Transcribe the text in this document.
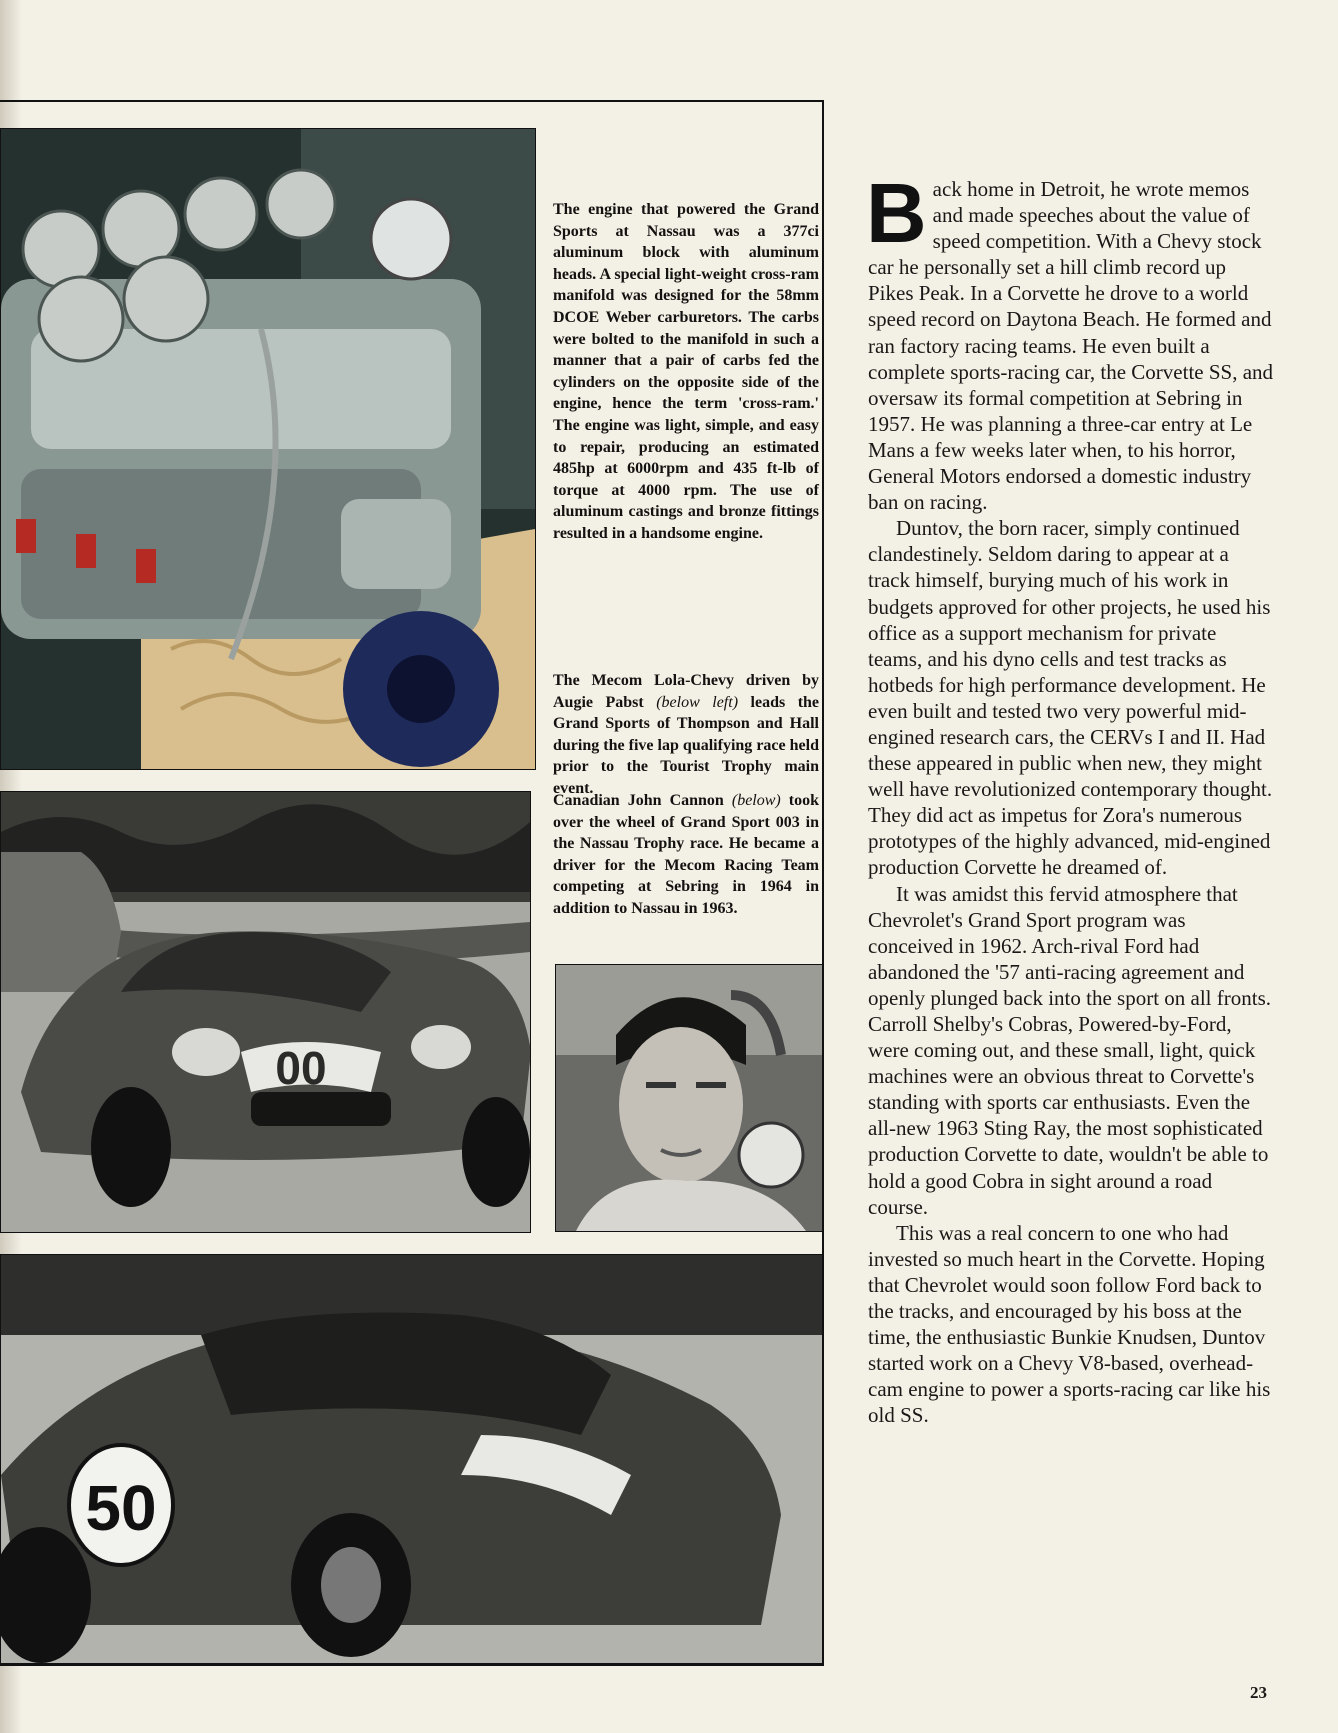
00
50
The engine that powered the Grand Sports at Nassau was a 377ci aluminum block with aluminum heads. A special light-weight cross-ram manifold was designed for the 58mm DCOE Weber carburetors. The carbs were bolted to the manifold in such a manner that a pair of carbs fed the cylinders on the opposite side of the engine, hence the term 'cross-ram.' The engine was light, simple, and easy to repair, producing an estimated 485hp at 6000rpm and 435 ft-lb of torque at 4000 rpm. The use of aluminum castings and bronze fittings resulted in a handsome engine.
The Mecom Lola-Chevy driven by Augie Pabst (below left) leads the Grand Sports of Thompson and Hall during the five lap qualifying race held prior to the Tourist Trophy main event.
Canadian John Cannon (below) took over the wheel of Grand Sport 003 in the Nassau Trophy race. He became a driver for the Mecom Racing Team competing at Sebring in 1964 in addition to Nassau in 1963.

Back home in Detroit, he wrote memos and made speeches about the value of speed competition. With a Chevy stock car he personally set a hill climb record up Pikes Peak. In a Corvette he drove to a world speed record on Daytona Beach. He formed and ran factory racing teams. He even built a complete sports-racing car, the Corvette SS, and oversaw its formal competition at Sebring in 1957. He was planning a three-car entry at Le Mans a few weeks later when, to his horror, General Motors endorsed a domestic industry ban on racing.

Duntov, the born racer, simply continued clandestinely. Seldom daring to appear at a track himself, burying much of his work in budgets approved for other projects, he used his office as a support mechanism for private teams, and his dyno cells and test tracks as hotbeds for high performance development. He even built and tested two very powerful mid-engined research cars, the CERVs I and II. Had these appeared in public when new, they might well have revolutionized contemporary thought. They did act as impetus for Zora's numerous prototypes of the highly advanced, mid-engined production Corvette he dreamed of.

It was amidst this fervid atmosphere that Chevrolet's Grand Sport program was conceived in 1962. Arch-rival Ford had abandoned the '57 anti-racing agreement and openly plunged back into the sport on all fronts. Carroll Shelby's Cobras, Powered-by-Ford, were coming out, and these small, light, quick machines were an obvious threat to Corvette's standing with sports car enthusiasts. Even the all-new 1963 Sting Ray, the most sophisticated production Corvette to date, wouldn't be able to hold a good Cobra in sight around a road course.

This was a real concern to one who had invested so much heart in the Corvette. Hoping that Chevrolet would soon follow Ford back to the tracks, and encouraged by his boss at the time, the enthusiastic Bunkie Knudsen, Duntov started work on a Chevy V8-based, overhead-cam engine to power a sports-racing car like his old SS.

23
